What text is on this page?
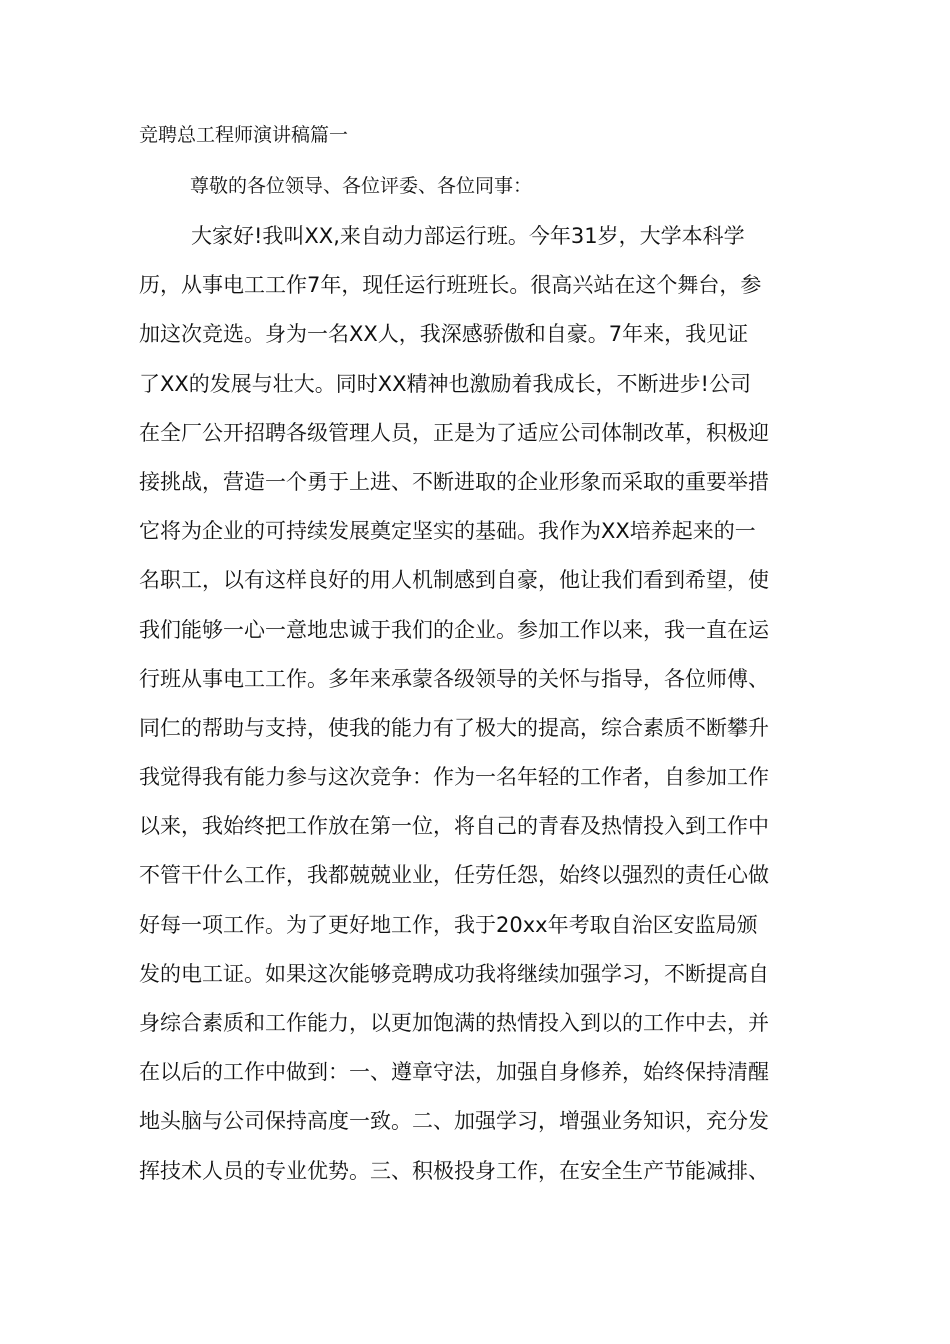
竞聘总工程师演讲稿篇一
尊敬的各位领导、各位评委、各位同事：
大家好!我叫XX,来自动力部运行班。今年31岁，大学本科学
历，从事电工工作7年，现任运行班班长。很高兴站在这个舞台，参
加这次竞选。身为一名XX人，我深感骄傲和自豪。7年来，我见证
了XX的发展与壮大。同时XX精神也激励着我成长，不断进步!公司
在全厂公开招聘各级管理人员，正是为了适应公司体制改革，积极迎
接挑战，营造一个勇于上进、不断进取的企业形象而采取的重要举措
它将为企业的可持续发展奠定坚实的基础。我作为XX培养起来的一
名职工，以有这样良好的用人机制感到自豪，他让我们看到希望，使
我们能够一心一意地忠诚于我们的企业。参加工作以来，我一直在运
行班从事电工工作。多年来承蒙各级领导的关怀与指导，各位师傅、
同仁的帮助与支持，使我的能力有了极大的提高，综合素质不断攀升
我觉得我有能力参与这次竞争：作为一名年轻的工作者，自参加工作
以来，我始终把工作放在第一位，将自己的青春及热情投入到工作中
不管干什么工作，我都兢兢业业，任劳任怨，始终以强烈的责任心做
好每一项工作。为了更好地工作，我于20xx年考取自治区安监局颁
发的电工证。如果这次能够竞聘成功我将继续加强学习，不断提高自
身综合素质和工作能力，以更加饱满的热情投入到以的工作中去，并
在以后的工作中做到：一、遵章守法，加强自身修养，始终保持清醒
地头脑与公司保持高度一致。二、加强学习，增强业务知识，充分发
挥技术人员的专业优势。三、积极投身工作，在安全生产节能减排、
